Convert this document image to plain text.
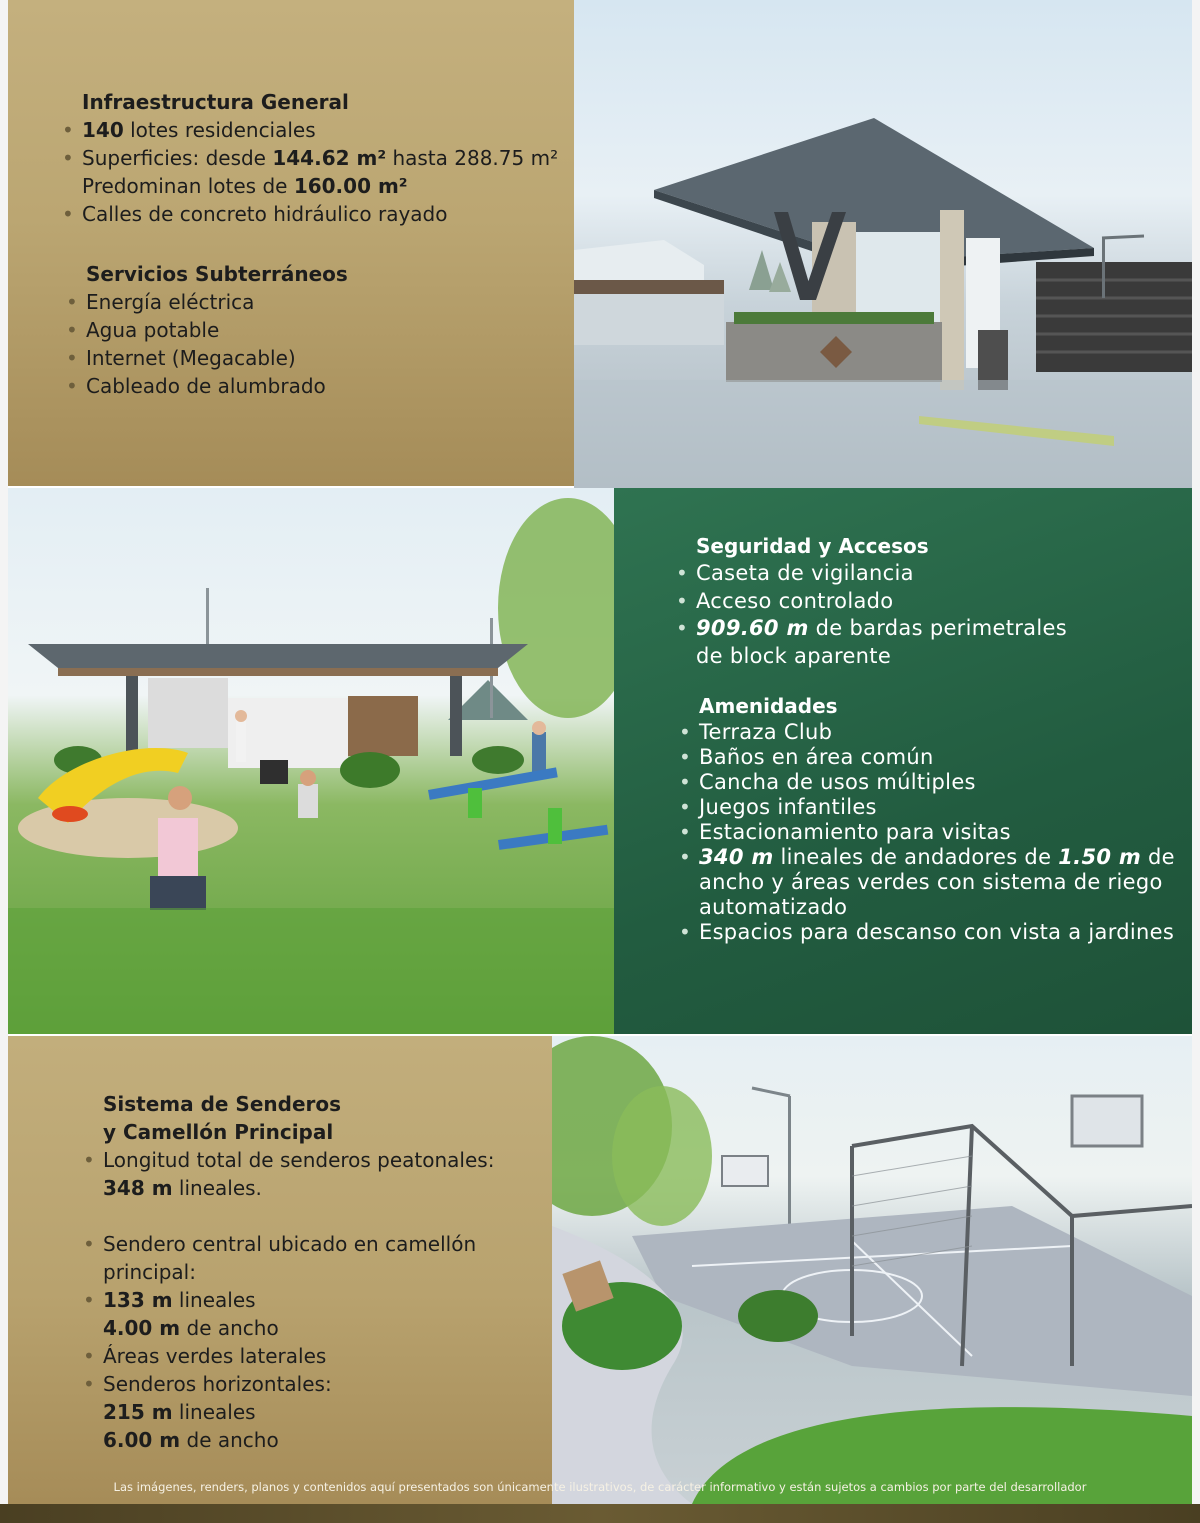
Infraestructura General
• 140 lotes residenciales
• Superficies: desde 144.62 m² hasta 288.75 m²
Predominan lotes de 160.00 m²
• Calles de concreto hidráulico rayado
Servicios Subterráneos
Energía eléctrica
•
Agua potable
•
Internet (Megacable)
•
Cableado de alumbrado
•
Seguridad y Accesos
• Caseta de vigilancia
• Acceso controlado
• 909.60 m de bardas perimetrales
de block aparente
Amenidades
• Terraza Club
• Baños en área común
• Cancha de usos múltiples
• Juegos infantiles
• Estacionamiento para visitas
• 340 m lineales de andadores de 1.50 m de
ancho y áreas verdes con sistema de riego
automatizado
• Espacios para descanso con vista a jardines
Sistema de Senderos
y Camellón Principal
• Longitud total de senderos peatonales:
348 m lineales.

• Sendero central ubicado en camellón
principal:
• 133 m lineales
4.00 m de ancho
• Áreas verdes laterales
• Senderos horizontales:
215 m lineales
6.00 m de ancho
Las imágenes, renders, planos y contenidos aquí presentados son únicamente ilustrativos, de carácter informativo y están sujetos a cambios por parte del desarrollador
